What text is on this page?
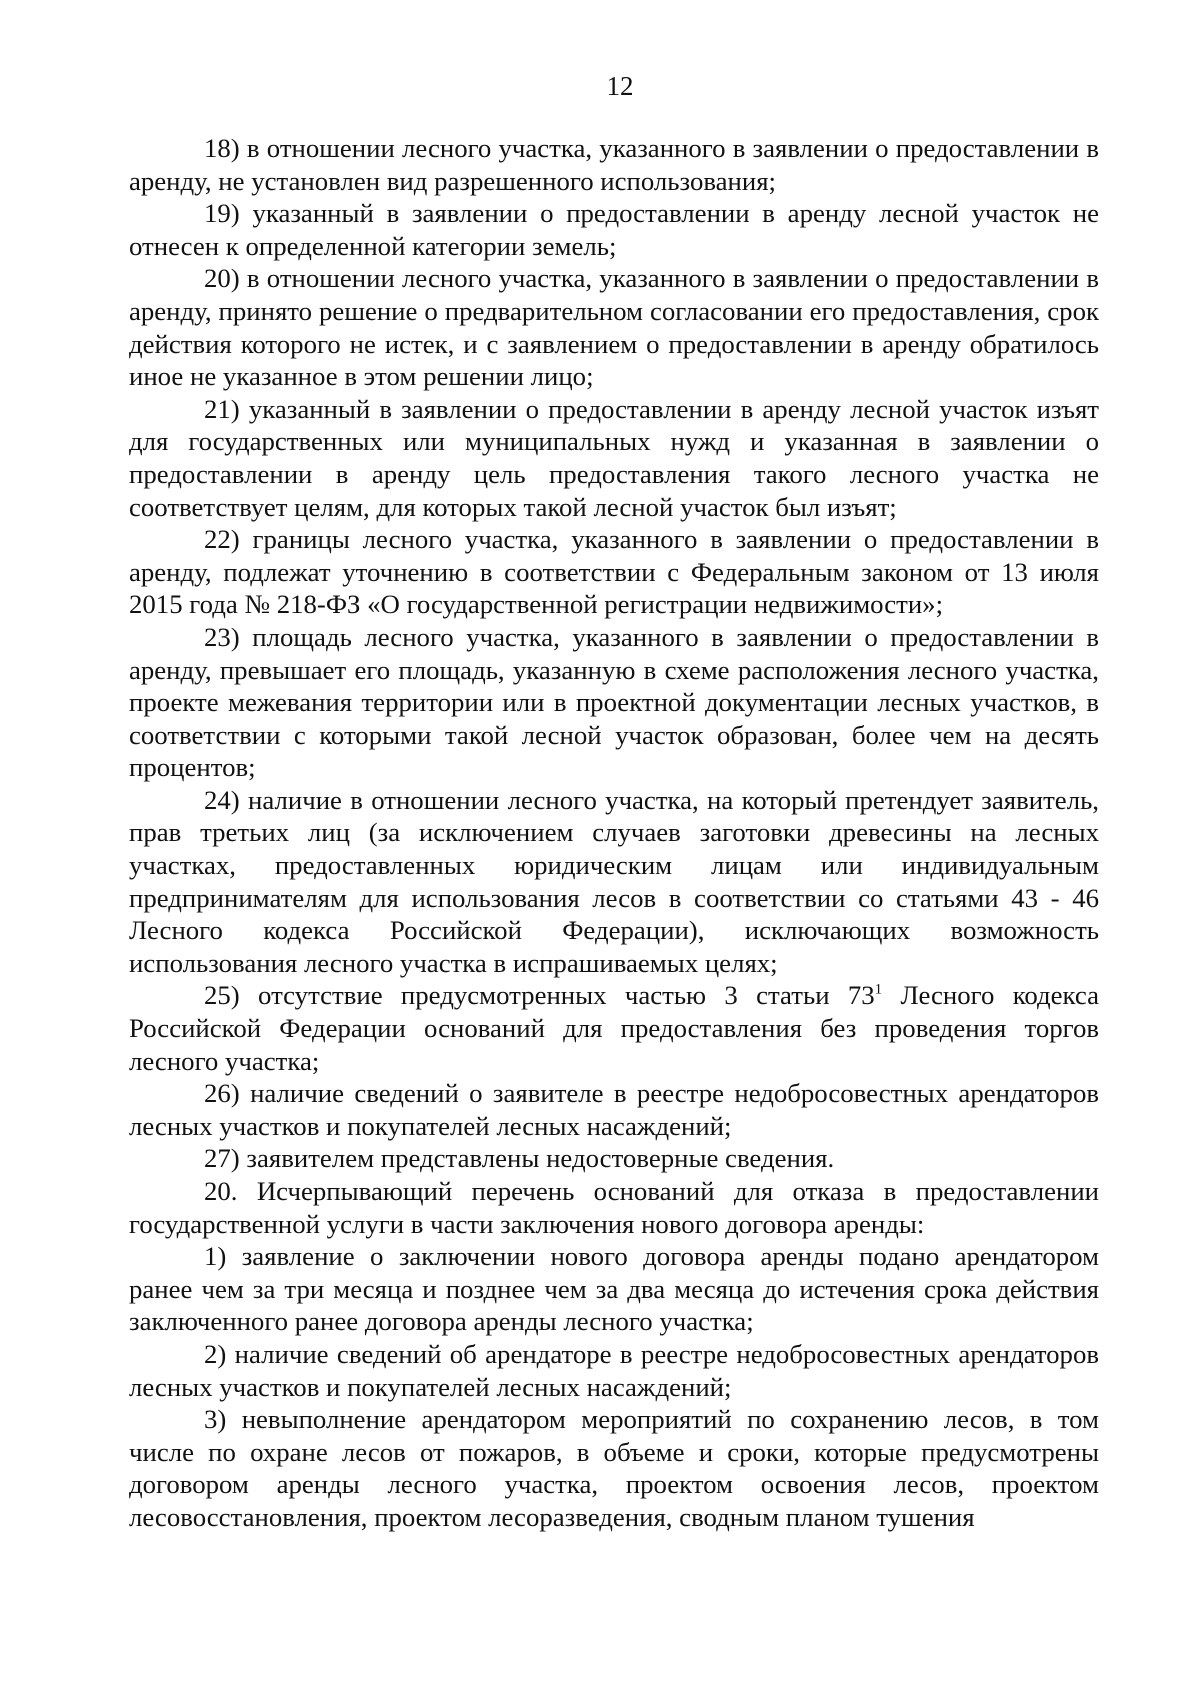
12

18) в отношении лесного участка, указанного в заявлении о предоставлении в аренду, не установлен вид разрешенного использования;

19) указанный в заявлении о предоставлении в аренду лесной участок не отнесен к определенной категории земель;

20) в отношении лесного участка, указанного в заявлении о предоставлении в аренду, принято решение о предварительном согласовании его предоставления, срок действия которого не истек, и с заявлением о предоставлении в аренду обратилось иное не указанное в этом решении лицо;

21) указанный в заявлении о предоставлении в аренду лесной участок изъят для государственных или муниципальных нужд и указанная в заявлении о предоставлении в аренду цель предоставления такого лесного участка не соответствует целям, для которых такой лесной участок был изъят;

22) границы лесного участка, указанного в заявлении о предоставлении в аренду, подлежат уточнению в соответствии с Федеральным законом от 13 июля 2015 года № 218-ФЗ «О государственной регистрации недвижимости»;

23) площадь лесного участка, указанного в заявлении о предоставлении в аренду, превышает его площадь, указанную в схеме расположения лесного участка, проекте межевания территории или в проектной документации лесных участков, в соответствии с которыми такой лесной участок образован, более чем на десять процентов;

24) наличие в отношении лесного участка, на который претендует заявитель, прав третьих лиц (за исключением случаев заготовки древесины на лесных участках, предоставленных юридическим лицам или индивидуальным предпринимателям для использования лесов в соответствии со статьями 43 - 46 Лесного кодекса Российской Федерации), исключающих возможность использования лесного участка в испрашиваемых целях;

25) отсутствие предусмотренных частью 3 статьи $73^1$ Лесного кодекса Российской Федерации оснований для предоставления без проведения торгов лесного участка;

26) наличие сведений о заявителе в реестре недобросовестных арендаторов лесных участков и покупателей лесных насаждений;

27) заявителем представлены недостоверные сведения.

20. Исчерпывающий перечень оснований для отказа в предоставлении государственной услуги в части заключения нового договора аренды:

1) заявление о заключении нового договора аренды подано арендатором ранее чем за три месяца и позднее чем за два месяца до истечения срока действия заключенного ранее договора аренды лесного участка;

2) наличие сведений об арендаторе в реестре недобросовестных арендаторов лесных участков и покупателей лесных насаждений;

3) невыполнение арендатором мероприятий по сохранению лесов, в том числе по охране лесов от пожаров, в объеме и сроки, которые предусмотрены договором аренды лесного участка, проектом освоения лесов, проектом лесовосстановления, проектом лесоразведения, сводным планом тушения
